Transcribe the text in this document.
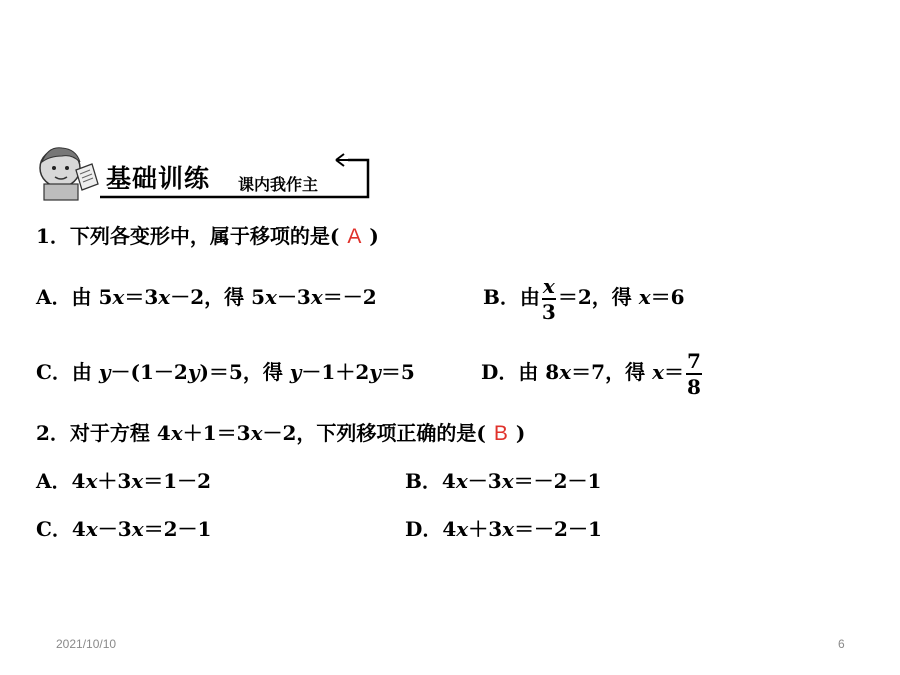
基础训练 课内我作主
1．下列各变形中，属于移项的是( A )
A．由 5x＝3x－2，得 5x－3x＝－2	B．由 $\frac{x}{3} =2$，得 x＝6
C．由 y－(1－2y)＝5，得 y－1＋2y＝5	D．由 8x＝7，得 $x= \frac{7}{8}$
2．对于方程 4x＋1＝3x－2，下列移项正确的是( B )
A．4x＋3x＝1－2	B．4x－3x＝－2－1
C．4x－3x＝2－1	D．4x＋3x＝－2－1
2021/10/10	6
